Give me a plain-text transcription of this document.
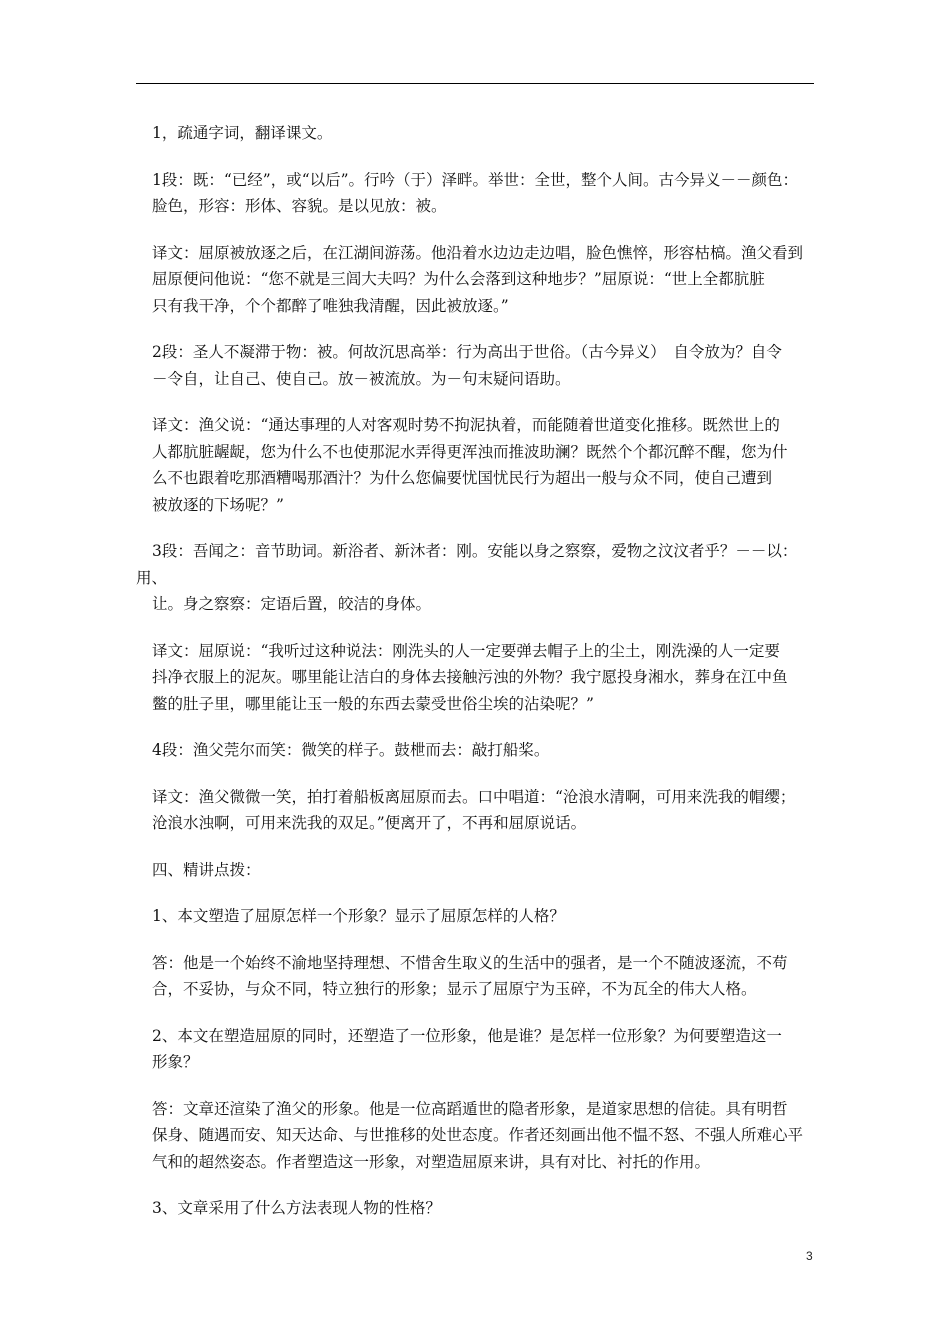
1，疏通字词，翻译课文。

1段：既：“已经”，或“以后”。行吟（于）泽畔。举世：全世，整个人间。古今异义－－颜色：
脸色，形容：形体、容貌。是以见放：被。

译文：屈原被放逐之后，在江湖间游荡。他沿着水边边走边唱，脸色憔悴，形容枯槁。渔父看到
屈原便问他说：“您不就是三闾大夫吗？为什么会落到这种地步？”屈原说：“世上全都肮脏
只有我干净，个个都醉了唯独我清醒，因此被放逐。”

2段：圣人不凝滞于物：被。何故沉思高举：行为高出于世俗。（古今异义）　自令放为？自令
－令自，让自己、使自己。放－被流放。为－句末疑问语助。

译文：渔父说：“通达事理的人对客观时势不拘泥执着，而能随着世道变化推移。既然世上的
人都肮脏龌龊，您为什么不也使那泥水弄得更浑浊而推波助澜？既然个个都沉醉不醒，您为什
么不也跟着吃那酒糟喝那酒汁？为什么您偏要忧国忧民行为超出一般与众不同，使自己遭到
被放逐的下场呢？”

3段：吾闻之：音节助词。新浴者、新沐者：刚。安能以身之察察，爱物之汶汶者乎？－－以：用、
让。身之察察：定语后置，皎洁的身体。

译文：屈原说：“我听过这种说法：刚洗头的人一定要弹去帽子上的尘土，刚洗澡的人一定要
抖净衣服上的泥灰。哪里能让洁白的身体去接触污浊的外物？我宁愿投身湘水，葬身在江中鱼
鳖的肚子里，哪里能让玉一般的东西去蒙受世俗尘埃的沾染呢？”

4段：渔父莞尔而笑：微笑的样子。鼓枻而去：敲打船桨。

译文：渔父微微一笑，拍打着船板离屈原而去。口中唱道：“沧浪水清啊，可用来洗我的帽缨；
沧浪水浊啊，可用来洗我的双足。”便离开了，不再和屈原说话。

四、精讲点拨：

1、本文塑造了屈原怎样一个形象？显示了屈原怎样的人格？

答：他是一个始终不渝地坚持理想、不惜舍生取义的生活中的强者，是一个不随波逐流，不苟
合，不妥协，与众不同，特立独行的形象；显示了屈原宁为玉碎，不为瓦全的伟大人格。

2、本文在塑造屈原的同时，还塑造了一位形象，他是谁？是怎样一位形象？为何要塑造这一
形象？

答：文章还渲染了渔父的形象。他是一位高蹈遁世的隐者形象，是道家思想的信徒。具有明哲
保身、随遇而安、知天达命、与世推移的处世态度。作者还刻画出他不愠不怒、不强人所难心平
气和的超然姿态。作者塑造这一形象，对塑造屈原来讲，具有对比、衬托的作用。

3、文章采用了什么方法表现人物的性格？

3
